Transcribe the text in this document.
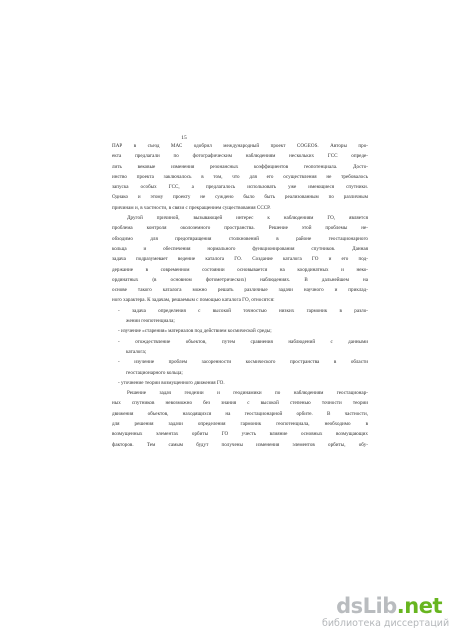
15
ПАР в съезд МАС одобрил международный проект COGEOS. Авторы про-
екта предлагали по фотографическим наблюдениям нескольких ГСС опреде-
лить вековые изменения резонансных коэффициентов геопотенциала. Досто-
инство проекта заключалось в том, что для его осуществления не требовалось
запуска особых ГСС, а предлагалось использовать уже имеющиеся спутники.
Однако и этому проекту не суждено было быть реализованным по различным
причинам и, в частности, в связи с прекращением существования СССР.
Другой причиной, вызывающей интерес к наблюдениям ГО, является
проблема контроля околоземного пространства. Решение этой проблемы не-
обходимо для предотвращения столкновений в районе геостационарного
кольца и обеспечения нормального функционирования спутников. Данная
задача подразумевает ведение каталога ГО. Создание каталога ГО и его под-
держание в современном состоянии основывается на координатных и неко-
ординатных (в основном фотометрических) наблюдениях. В дальнейшем на
основе такого каталога можно решать различные задачи научного и приклад-
ного характера. К задачам, решаемым с помощью каталога ГО, относятся:
- задача определения с высокой точностью низких гармоник в разло-
жении геопотенциала;
- изучение «старения» материалов под действием космической среды;
- отождествление объектов, путем сравнения наблюдений с данными
каталога;
- изучение проблем засоренности космического пространства в области
геостационарного кольца;
- уточнение теории возмущенного движения ГО.
Решение задач геодезии и геодинамики по наблюдениям геостационар-
ных спутников невозможно без знания с высокой степенью точности теории
движения объектов, находящихся на геостационарной орбите. В частности,
для решения задачи определения гармоник геопотенциала, необходимо в
возмущенных элементах орбиты ГО учесть влияние основных возмущающих
факторов. Тем самым будут получены изменения элементов орбиты, обу-
dsLib .net
библиотека диссертаций
